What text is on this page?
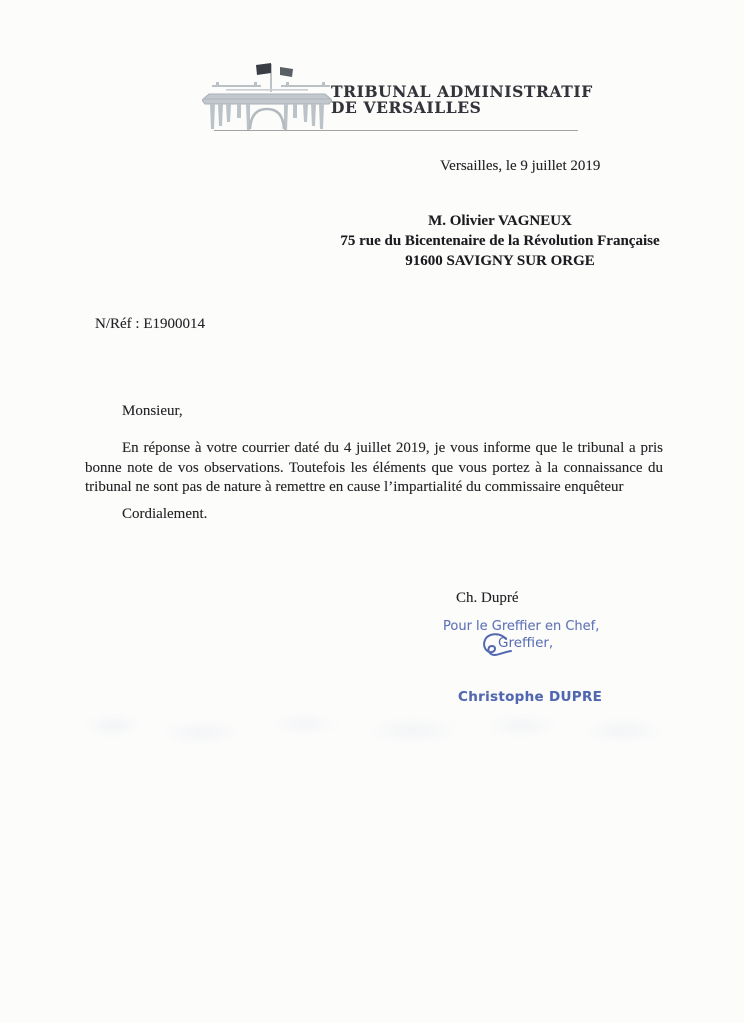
TRIBUNAL ADMINISTRATIF
DE VERSAILLES
Versailles, le 9 juillet 2019
M. Olivier VAGNEUX
75 rue du Bicentenaire de la Révolution Française
91600 SAVIGNY SUR ORGE
N/Réf : E1900014
Monsieur,
En réponse à votre courrier daté du 4 juillet 2019, je vous informe que le tribunal a pris
bonne note de vos observations. Toutefois les éléments que vous portez à la connaissance du
tribunal ne sont pas de nature à remettre en cause l’impartialité du commissaire enquêteur
Cordialement.
Ch. Dupré
Pour le Greffier en Chef,
Greffier,
Christophe DUPRE
